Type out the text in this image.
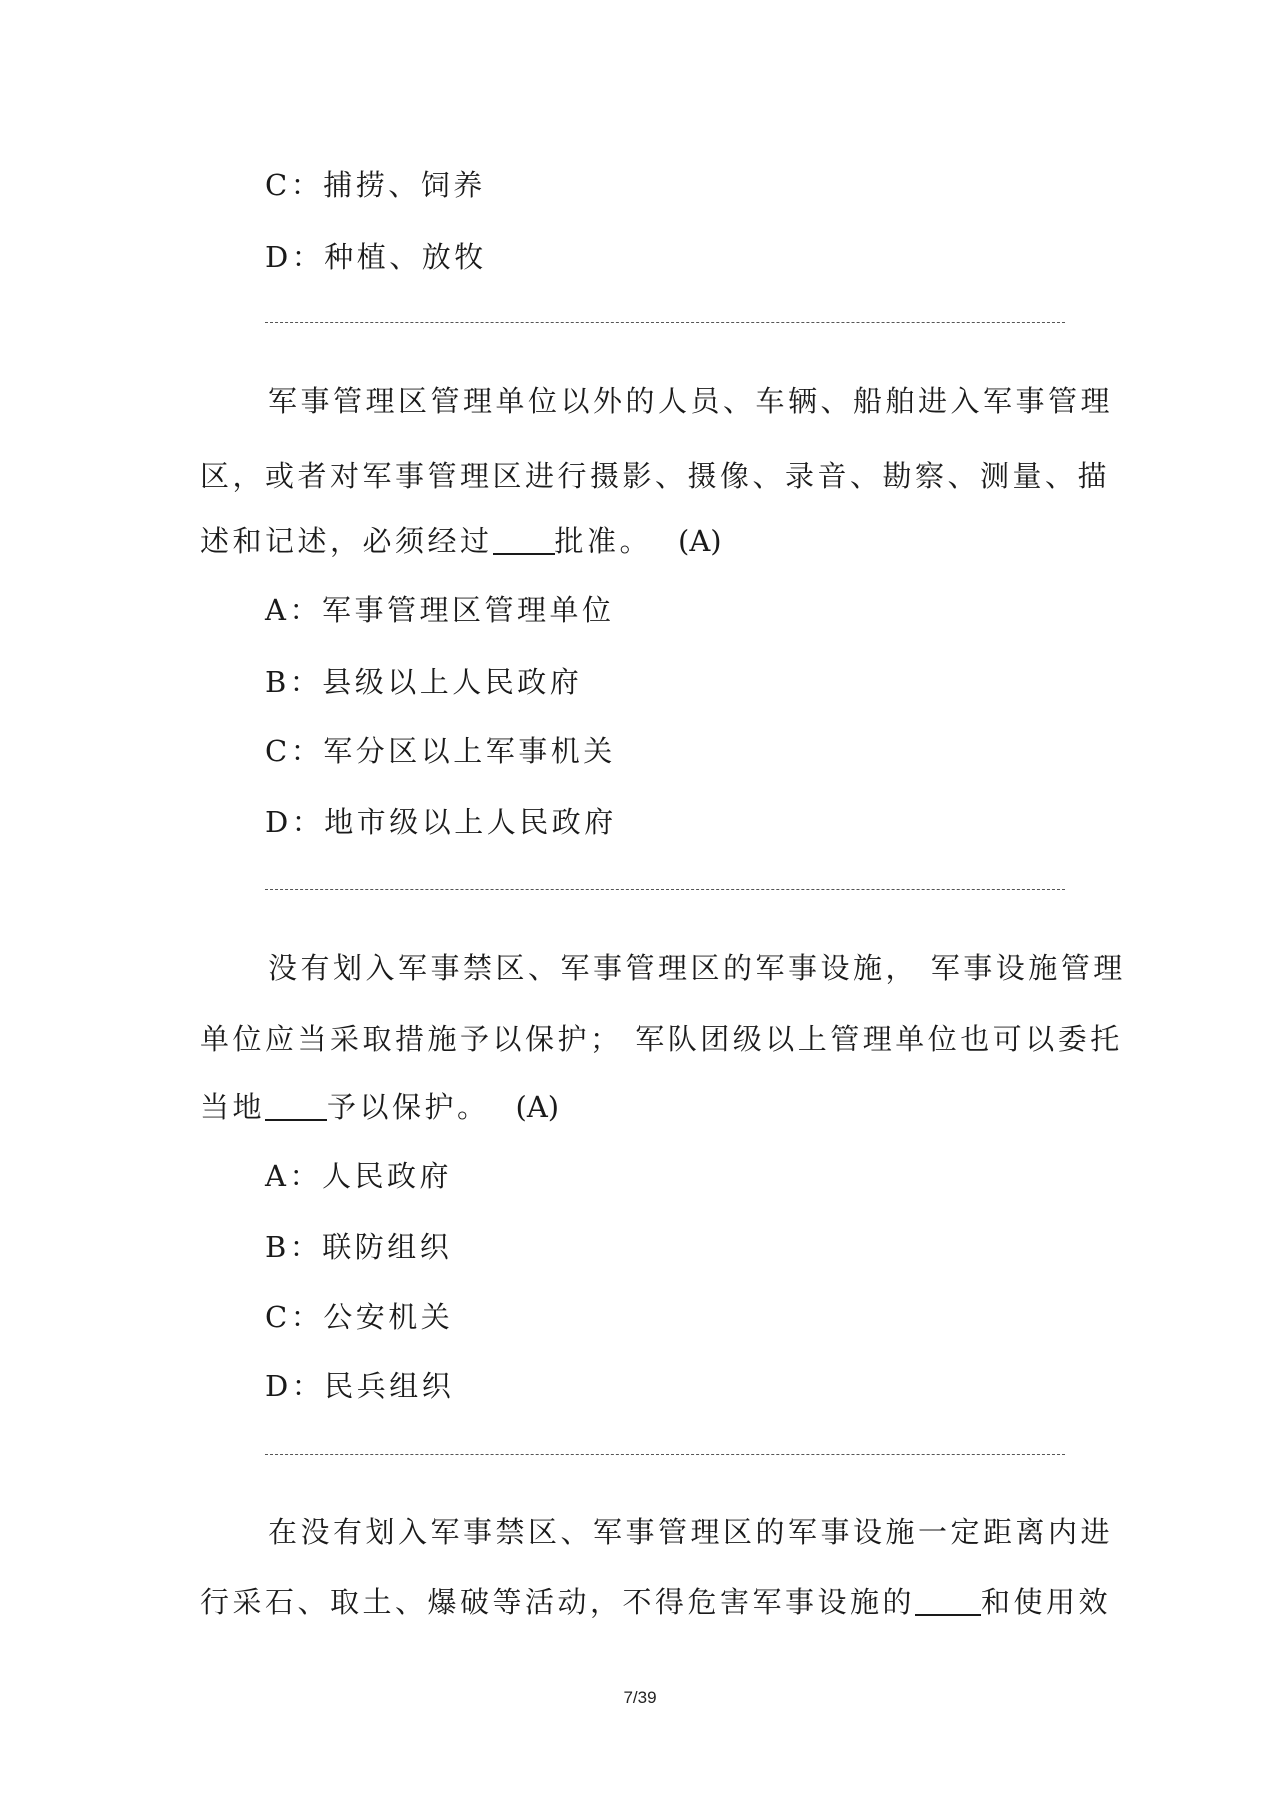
C：捕捞、饲养
D：种植、放牧
军事管理区管理单位以外的人员、车辆、船舶进入军事管理
区，或者对军事管理区进行摄影、摄像、录音、勘察、测量、描
述和记述，必须经过 批准。 (A)
A：军事管理区管理单位
B：县级以上人民政府
C：军分区以上军事机关
D：地市级以上人民政府
没有划入军事禁区、军事管理区的军事设施， 军事设施管理
单位应当采取措施予以保护； 军队团级以上管理单位也可以委托
当地 予以保护。 (A)
A：人民政府
B：联防组织
C：公安机关
D：民兵组织
在没有划入军事禁区、军事管理区的军事设施一定距离内进
行采石、取土、爆破等活动，不得危害军事设施的 和使用效
7/39
